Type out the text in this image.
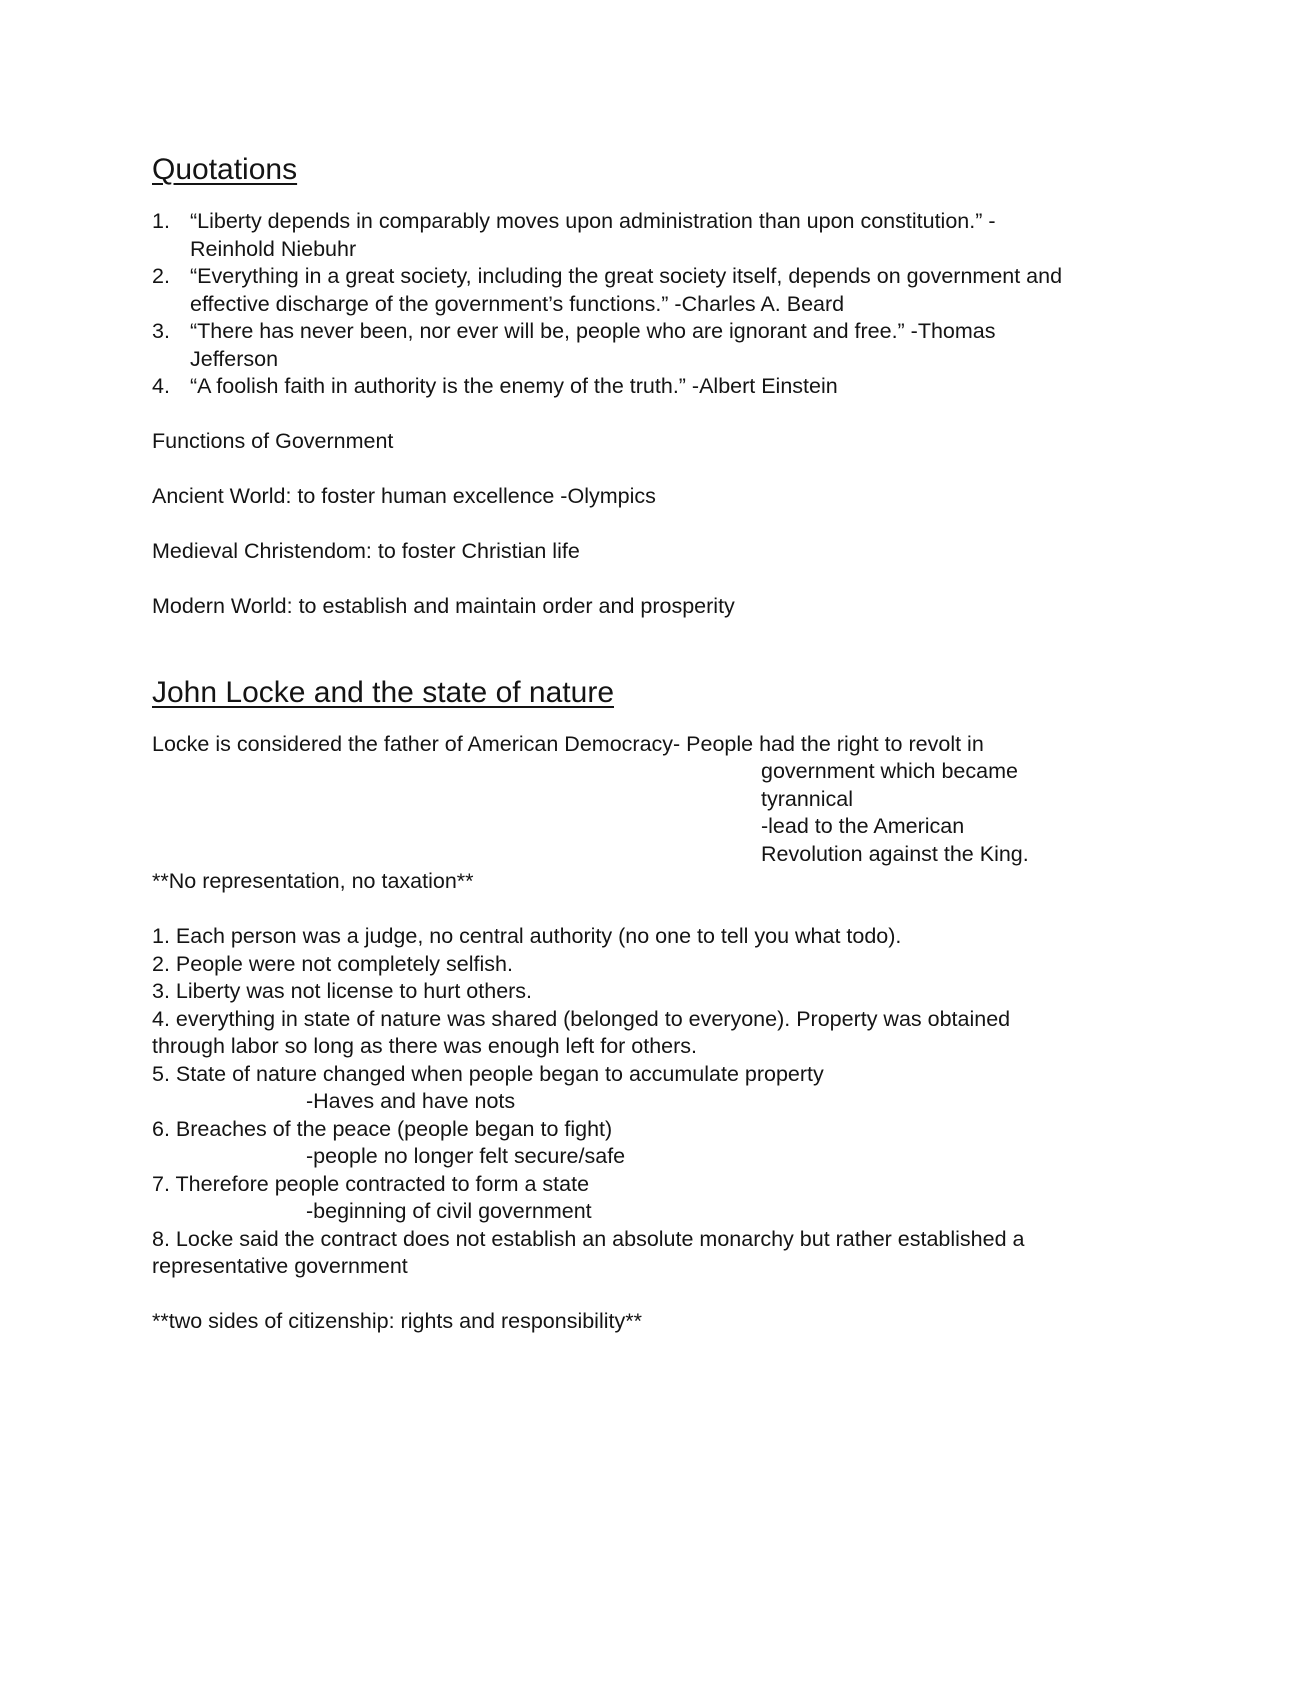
Quotations
1. “Liberty depends in comparably moves upon administration than upon constitution.” -
Reinhold Niebuhr
2. “Everything in a great society, including the great society itself, depends on government and
effective discharge of the government’s functions.” -Charles A. Beard
3. “There has never been, nor ever will be, people who are ignorant and free.” -Thomas
Jefferson
4. “A foolish faith in authority is the enemy of the truth.” -Albert Einstein

Functions of Government

Ancient World: to foster human excellence -Olympics

Medieval Christendom: to foster Christian life

Modern World: to establish and maintain order and prosperity

John Locke and the state of nature

Locke is considered the father of American Democracy- People had the right to revolt in

government which became
tyrannical
-lead to the American
Revolution against the King.

**No representation, no taxation**

1. Each person was a judge, no central authority (no one to tell you what todo).

2. People were not completely selfish.

3. Liberty was not license to hurt others.

4. everything in state of nature was shared (belonged to everyone). Property was obtained

through labor so long as there was enough left for others.

5. State of nature changed when people began to accumulate property

-Haves and have nots

6. Breaches of the peace (people began to fight)

-people no longer felt secure/safe

7. Therefore people contracted to form a state

-beginning of civil government

8. Locke said the contract does not establish an absolute monarchy but rather established a

representative government

**two sides of citizenship: rights and responsibility**
